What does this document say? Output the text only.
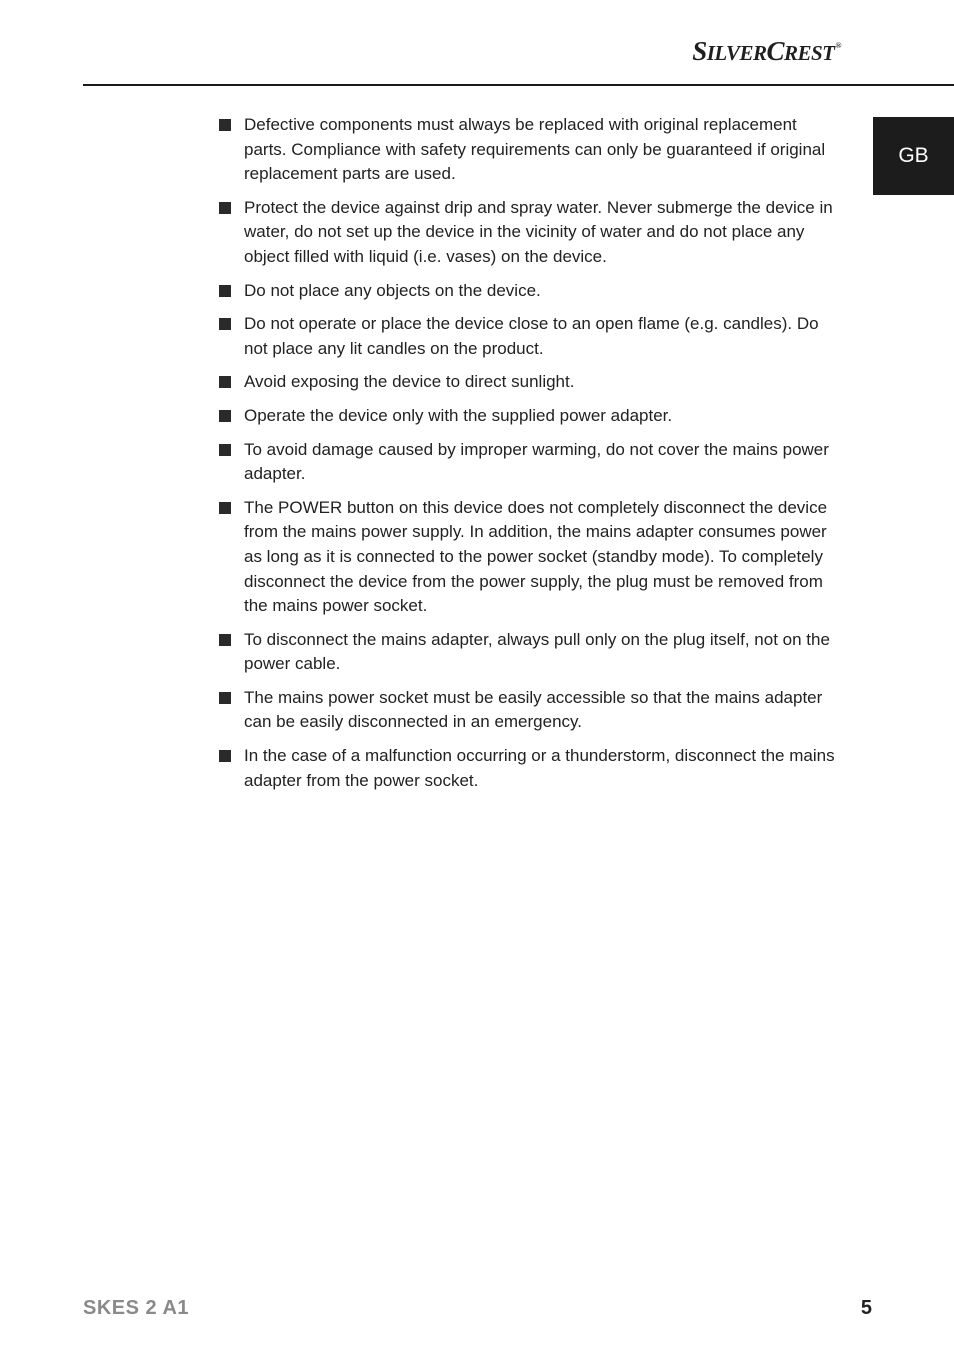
SILVERCREST®
GB
Defective components must always be replaced with original replacement parts. Compliance with safety requirements can only be guaranteed if original replacement parts are used.
Protect the device against drip and spray water. Never submerge the device in water, do not set up the device in the vicinity of water and do not place any object filled with liquid (i.e. vases) on the device.
Do not place any objects on the device.
Do not operate or place the device close to an open flame (e.g. candles). Do not place any lit candles on the product.
Avoid exposing the device to direct sunlight.
Operate the device only with the supplied power adapter.
To avoid damage caused by improper warming, do not cover the mains power adapter.
The POWER button on this device does not completely disconnect the device from the mains power supply. In addition, the mains adapter consumes power as long as it is connected to the power socket (standby mode). To completely disconnect the device from the power supply, the plug must be removed from the mains power socket.
To disconnect the mains adapter, always pull only on the plug itself, not on the power cable.
The mains power socket must be easily accessible so that the mains adapter can be easily disconnected in an emergency.
In the case of a malfunction occurring or a thunderstorm, disconnect the mains adapter from the power socket.
SKES 2 A1	5
